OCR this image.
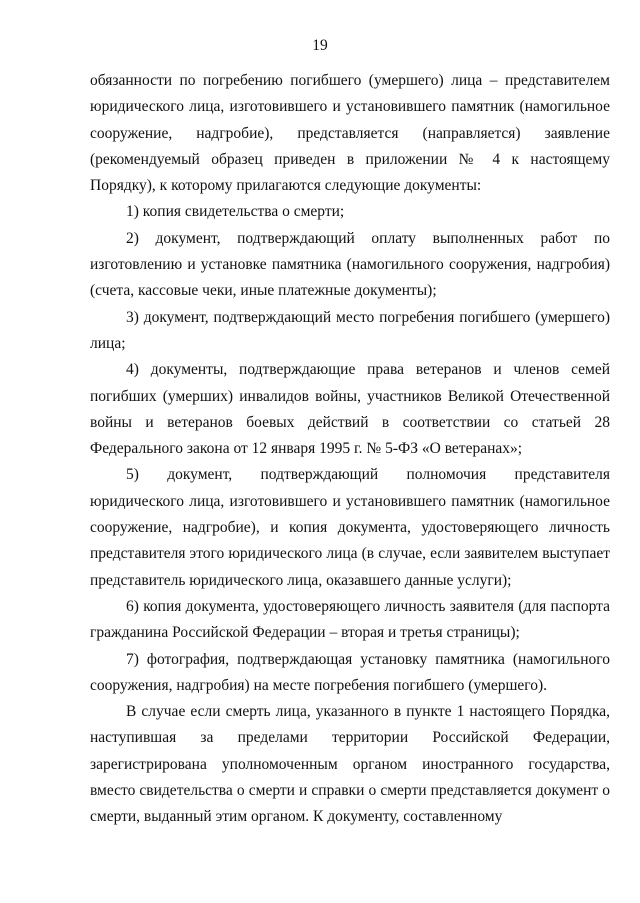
19

обязанности по погребению погибшего (умершего) лица – представителем юридического лица, изготовившего и установившего памятник (намогильное сооружение, надгробие), представляется (направляется) заявление (рекомендуемый образец приведен в приложении № 4 к настоящему Порядку), к которому прилагаются следующие документы:

1) копия свидетельства о смерти;

2) документ, подтверждающий оплату выполненных работ по изготовлению и установке памятника (намогильного сооружения, надгробия) (счета, кассовые чеки, иные платежные документы);

3) документ, подтверждающий место погребения погибшего (умершего) лица;

4) документы, подтверждающие права ветеранов и членов семей погибших (умерших) инвалидов войны, участников Великой Отечественной войны и ветеранов боевых действий в соответствии со статьей 28 Федерального закона от 12 января 1995 г. № 5-ФЗ «О ветеранах»;

5) документ, подтверждающий полномочия представителя юридического лица, изготовившего и установившего памятник (намогильное сооружение, надгробие), и копия документа, удостоверяющего личность представителя этого юридического лица (в случае, если заявителем выступает представитель юридического лица, оказавшего данные услуги);

6) копия документа, удостоверяющего личность заявителя (для паспорта гражданина Российской Федерации – вторая и третья страницы);

7) фотография, подтверждающая установку памятника (намогильного сооружения, надгробия) на месте погребения погибшего (умершего).

В случае если смерть лица, указанного в пункте 1 настоящего Порядка, наступившая за пределами территории Российской Федерации, зарегистрирована уполномоченным органом иностранного государства, вместо свидетельства о смерти и справки о смерти представляется документ о смерти, выданный этим органом. К документу, составленному
